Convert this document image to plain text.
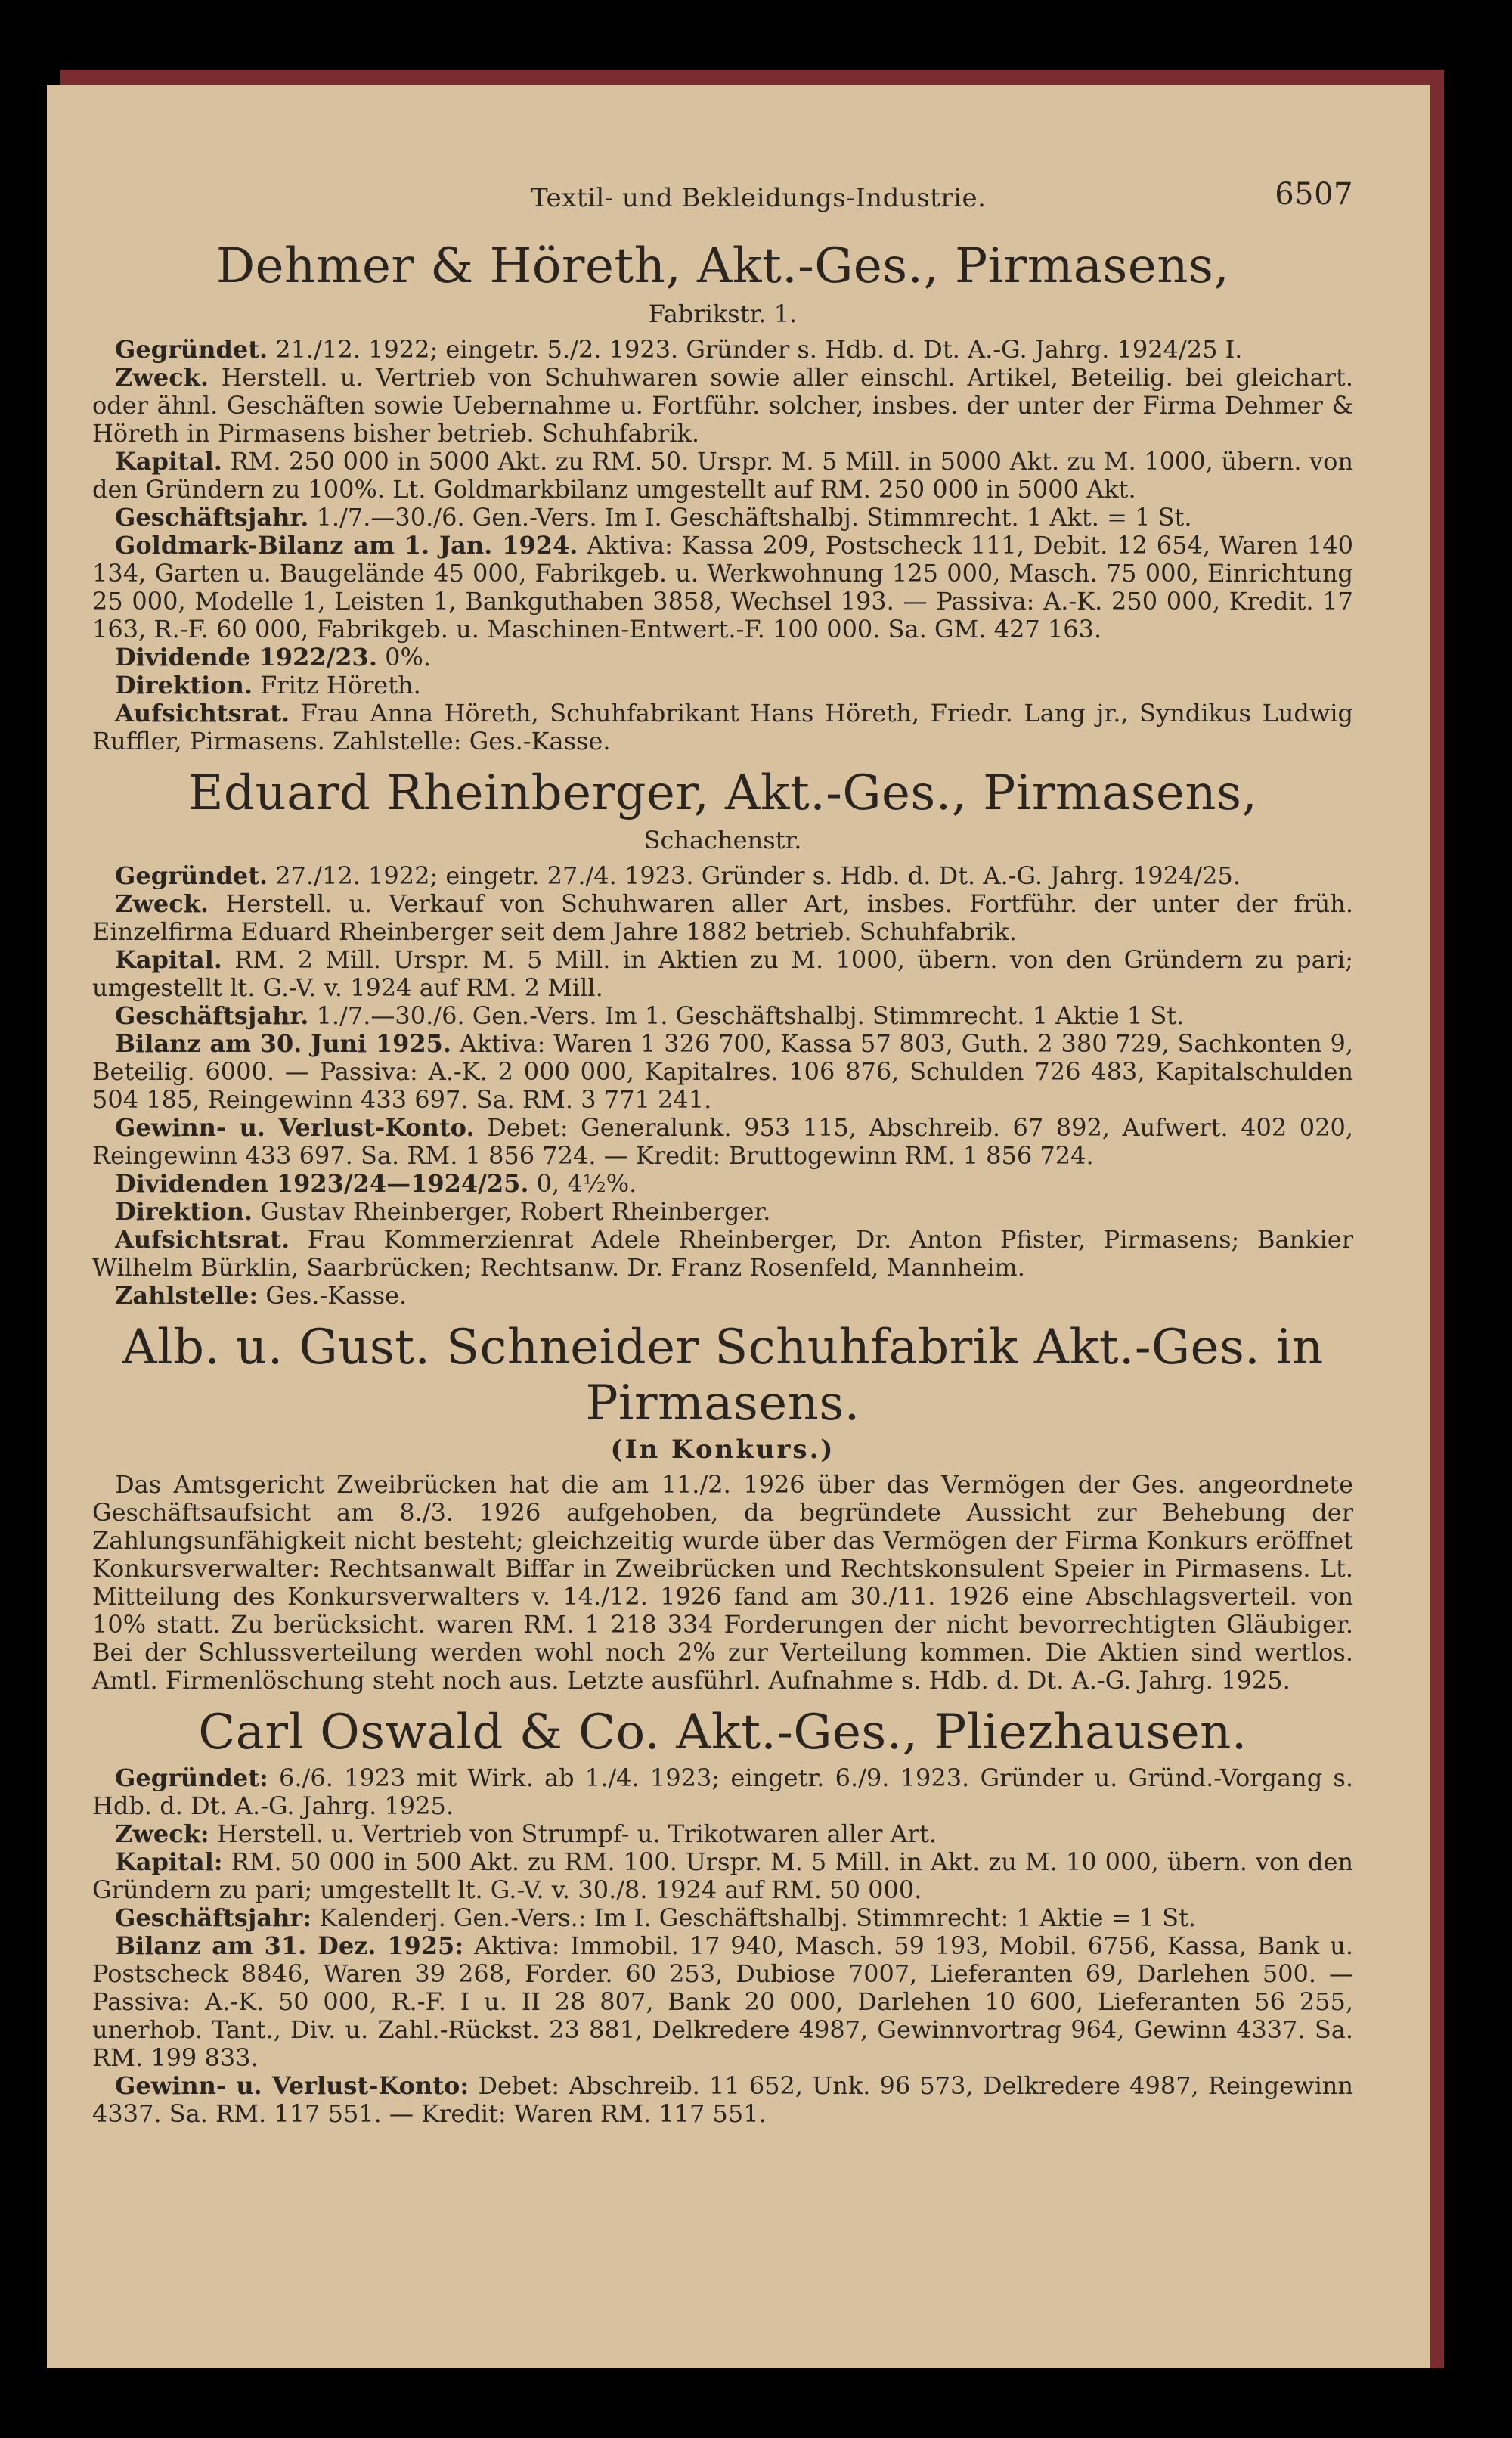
Textil- und Bekleidungs-Industrie.	6507
Dehmer & Höreth, Akt.-Ges., Pirmasens,
Fabrikstr. 1.

Gegründet. 21./12. 1922; eingetr. 5./2. 1923. Gründer s. Hdb. d. Dt. A.-G. Jahrg. 1924/25 I.

Zweck. Herstell. u. Vertrieb von Schuhwaren sowie aller einschl. Artikel, Beteilig. bei gleichart. oder ähnl. Geschäften sowie Uebernahme u. Fortführ. solcher, insbes. der unter der Firma Dehmer & Höreth in Pirmasens bisher betrieb. Schuhfabrik.

Kapital. RM. 250 000 in 5000 Akt. zu RM. 50. Urspr. M. 5 Mill. in 5000 Akt. zu M. 1000, übern. von den Gründern zu 100%. Lt. Goldmarkbilanz umgestellt auf RM. 250 000 in 5000 Akt.

Geschäftsjahr. 1./7.—30./6. Gen.-Vers. Im I. Geschäftshalbj. Stimmrecht. 1 Akt. = 1 St.

Goldmark-Bilanz am 1. Jan. 1924. Aktiva: Kassa 209, Postscheck 111, Debit. 12 654, Waren 140 134, Garten u. Baugelände 45 000, Fabrikgeb. u. Werkwohnung 125 000, Masch. 75 000, Einrichtung 25 000, Modelle 1, Leisten 1, Bankguthaben 3858, Wechsel 193. — Passiva: A.-K. 250 000, Kredit. 17 163, R.-F. 60 000, Fabrikgeb. u. Maschinen-Entwert.-F. 100 000. Sa. GM. 427 163.

Dividende 1922/23. 0%.

Direktion. Fritz Höreth.

Aufsichtsrat. Frau Anna Höreth, Schuhfabrikant Hans Höreth, Friedr. Lang jr., Syndikus Ludwig Ruffler, Pirmasens. Zahlstelle: Ges.-Kasse.

Eduard Rheinberger, Akt.-Ges., Pirmasens,
Schachenstr.

Gegründet. 27./12. 1922; eingetr. 27./4. 1923. Gründer s. Hdb. d. Dt. A.-G. Jahrg. 1924/25.

Zweck. Herstell. u. Verkauf von Schuhwaren aller Art, insbes. Fortführ. der unter der früh. Einzelfirma Eduard Rheinberger seit dem Jahre 1882 betrieb. Schuhfabrik.

Kapital. RM. 2 Mill. Urspr. M. 5 Mill. in Aktien zu M. 1000, übern. von den Gründern zu pari; umgestellt lt. G.-V. v. 1924 auf RM. 2 Mill.

Geschäftsjahr. 1./7.—30./6. Gen.-Vers. Im 1. Geschäftshalbj. Stimmrecht. 1 Aktie 1 St.

Bilanz am 30. Juni 1925. Aktiva: Waren 1 326 700, Kassa 57 803, Guth. 2 380 729, Sachkonten 9, Beteilig. 6000. — Passiva: A.-K. 2 000 000, Kapitalres. 106 876, Schulden 726 483, Kapitalschulden 504 185, Reingewinn 433 697. Sa. RM. 3 771 241.

Gewinn- u. Verlust-Konto. Debet: Generalunk. 953 115, Abschreib. 67 892, Aufwert. 402 020, Reingewinn 433 697. Sa. RM. 1 856 724. — Kredit: Bruttogewinn RM. 1 856 724.

Dividenden 1923/24—1924/25. 0, 4½%.

Direktion. Gustav Rheinberger, Robert Rheinberger.

Aufsichtsrat. Frau Kommerzienrat Adele Rheinberger, Dr. Anton Pfister, Pirmasens; Bankier Wilhelm Bürklin, Saarbrücken; Rechtsanw. Dr. Franz Rosenfeld, Mannheim.

Zahlstelle: Ges.-Kasse.

Alb. u. Gust. Schneider Schuhfabrik Akt.-Ges. in Pirmasens.
(In Konkurs.)

Das Amtsgericht Zweibrücken hat die am 11./2. 1926 über das Vermögen der Ges. angeordnete Geschäftsaufsicht am 8./3. 1926 aufgehoben, da begründete Aussicht zur Behebung der Zahlungsunfähigkeit nicht besteht; gleichzeitig wurde über das Vermögen der Firma Konkurs eröffnet Konkursverwalter: Rechtsanwalt Biffar in Zweibrücken und Rechtskonsulent Speier in Pirmasens. Lt. Mitteilung des Konkursverwalters v. 14./12. 1926 fand am 30./11. 1926 eine Abschlagsverteil. von 10% statt. Zu berücksicht. waren RM. 1 218 334 Forderungen der nicht bevorrechtigten Gläubiger. Bei der Schlussverteilung werden wohl noch 2% zur Verteilung kommen. Die Aktien sind wertlos. Amtl. Firmenlöschung steht noch aus. Letzte ausführl. Aufnahme s. Hdb. d. Dt. A.-G. Jahrg. 1925.

Carl Oswald & Co. Akt.-Ges., Pliezhausen.

Gegründet: 6./6. 1923 mit Wirk. ab 1./4. 1923; eingetr. 6./9. 1923. Gründer u. Gründ.-Vorgang s. Hdb. d. Dt. A.-G. Jahrg. 1925.

Zweck: Herstell. u. Vertrieb von Strumpf- u. Trikotwaren aller Art.

Kapital: RM. 50 000 in 500 Akt. zu RM. 100. Urspr. M. 5 Mill. in Akt. zu M. 10 000, übern. von den Gründern zu pari; umgestellt lt. G.-V. v. 30./8. 1924 auf RM. 50 000.

Geschäftsjahr: Kalenderj. Gen.-Vers.: Im I. Geschäftshalbj. Stimmrecht: 1 Aktie = 1 St.

Bilanz am 31. Dez. 1925: Aktiva: Immobil. 17 940, Masch. 59 193, Mobil. 6756, Kassa, Bank u. Postscheck 8846, Waren 39 268, Forder. 60 253, Dubiose 7007, Lieferanten 69, Darlehen 500. — Passiva: A.-K. 50 000, R.-F. I u. II 28 807, Bank 20 000, Darlehen 10 600, Lieferanten 56 255, unerhob. Tant., Div. u. Zahl.-Rückst. 23 881, Delkredere 4987, Gewinnvortrag 964, Gewinn 4337. Sa. RM. 199 833.

Gewinn- u. Verlust-Konto: Debet: Abschreib. 11 652, Unk. 96 573, Delkredere 4987, Reingewinn 4337. Sa. RM. 117 551. — Kredit: Waren RM. 117 551.
